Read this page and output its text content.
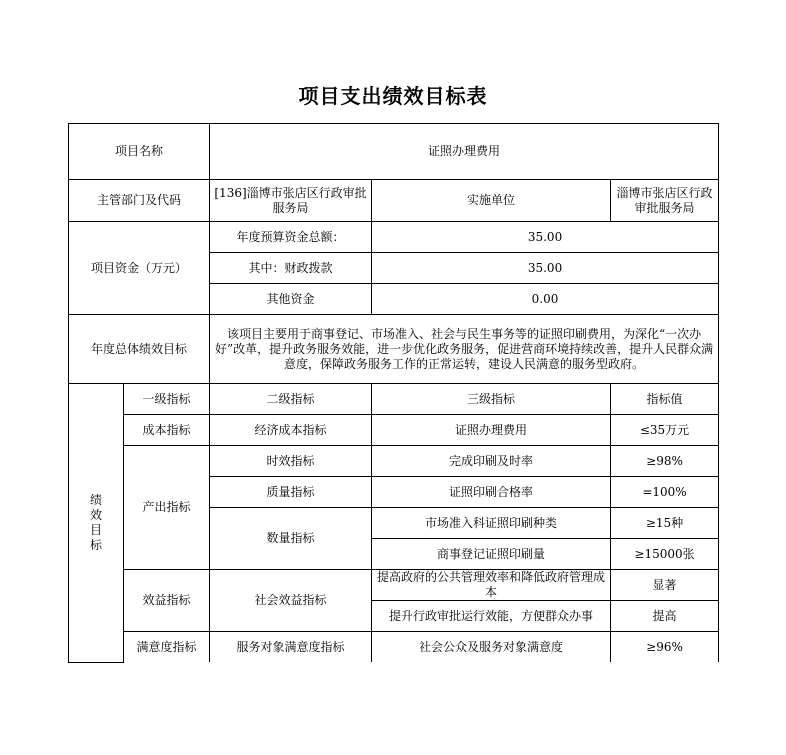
项目支出绩效目标表
项目名称		证照办理费用		
主管部门及代码		[136]淄博市张店区行政审批服务局	实施单位	淄博市张店区行政审批服务局
项目资金（万元）		年度预算资金总额：	35.00	
		其中：财政拨款	35.00	
		其他资金	0.00	
年度总体绩效目标		该项目主要用于商事登记、市场准入、社会与民生事务等的证照印刷费用，为深化“一次办好”改革，提升政务服务效能，进一步优化政务服务，促进营商环境持续改善，提升人民群众满意度，保障政务服务工作的正常运转，建设人民满意的服务型政府。		
绩效目标	一级指标	二级指标	三级指标	指标值
	成本指标	经济成本指标	证照办理费用	≤35万元
	产出指标	时效指标	完成印刷及时率	≥98%
		质量指标	证照印刷合格率	=100%
		数量指标	市场准入科证照印刷种类	≥15种
			商事登记证照印刷量	≥15000张
	效益指标	社会效益指标	提高政府的公共管理效率和降低政府管理成本	显著
			提升行政审批运行效能，方便群众办事	提高
	满意度指标	服务对象满意度指标	社会公众及服务对象满意度	≥96%
